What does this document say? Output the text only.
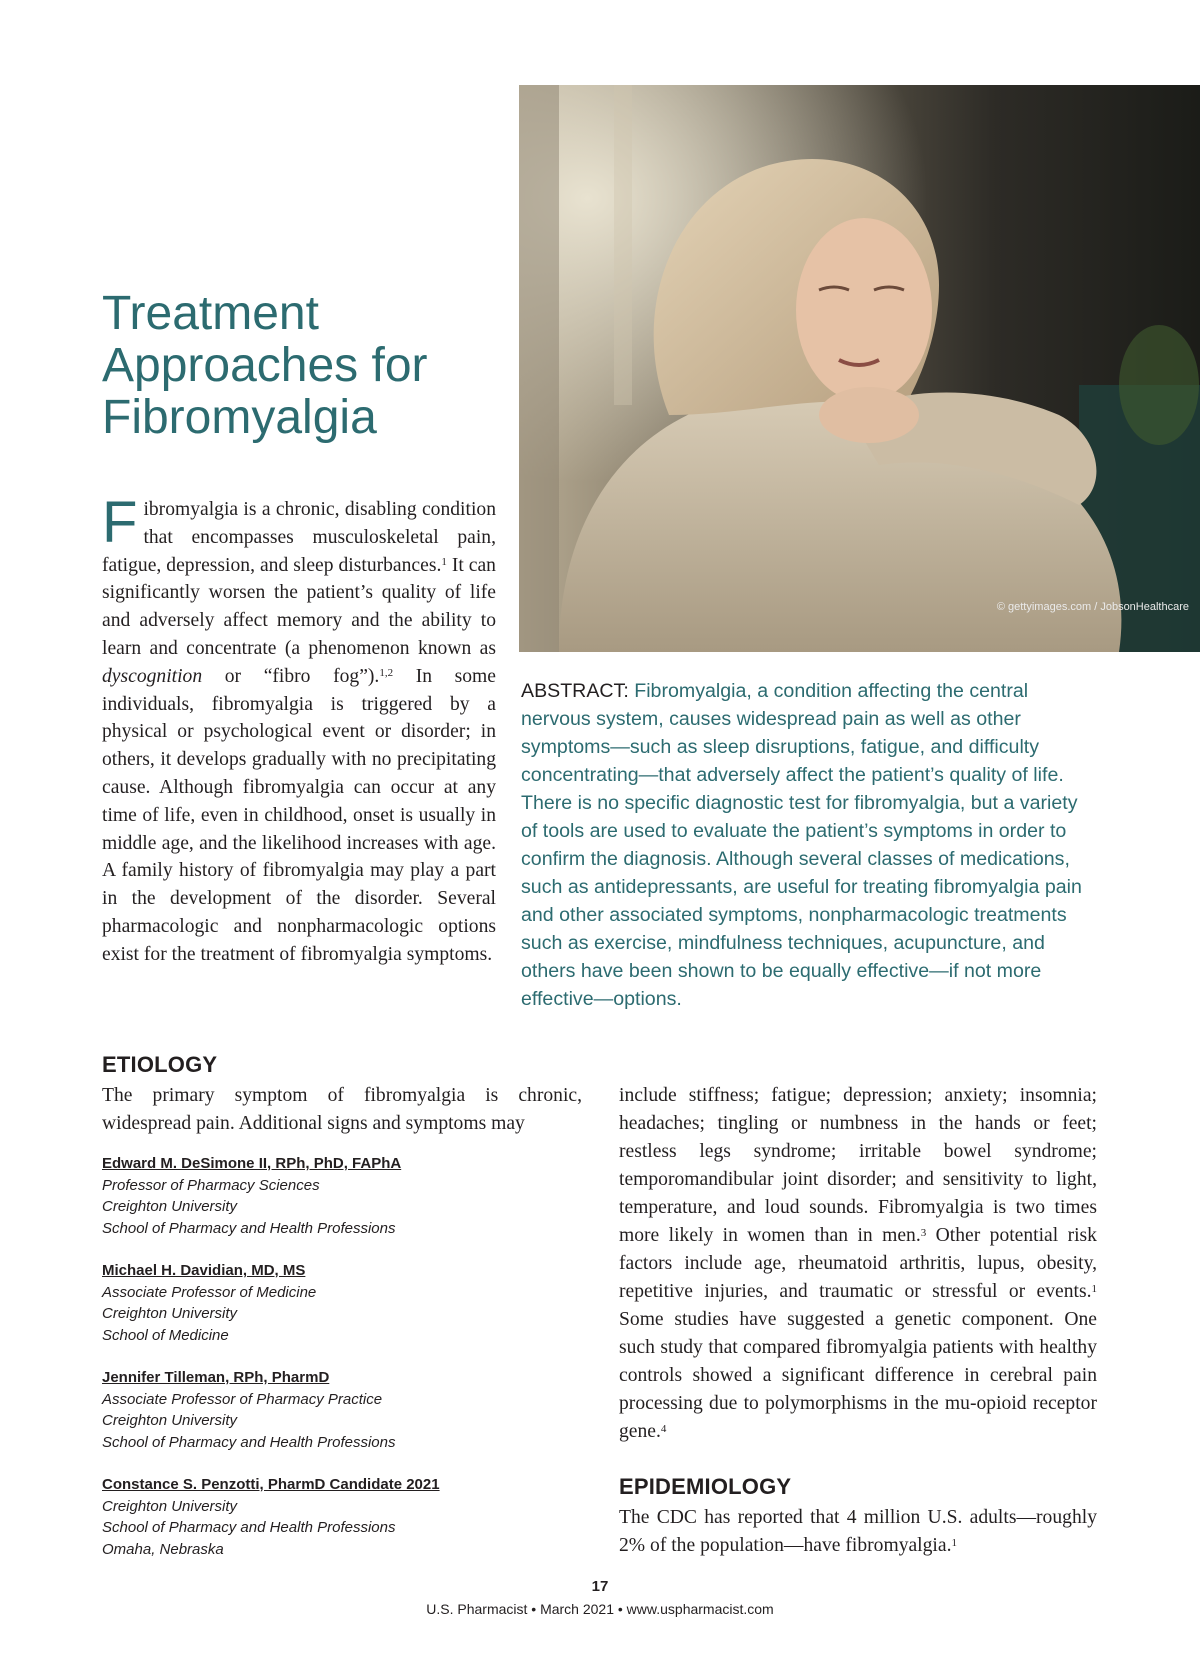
Treatment
Approaches for
Fibromyalgia
© gettyimages.com / JobsonHealthcare
Fibromyalgia is a chronic, disabling condition that encompasses musculoskeletal pain, fatigue, depression, and sleep disturbances.$^1$ It can significantly worsen the patient’s quality of life and adversely affect memory and the ability to learn and concentrate (a phenomenon known as dyscognition or “fibro fog”).$^{1,2}$ In some individuals, fibromyalgia is triggered by a physical or psychological event or disorder; in others, it develops gradually with no precipitating cause. Although fibromyalgia can occur at any time of life, even in childhood, onset is usually in middle age, and the likelihood increases with age. A family history of fibromyalgia may play a part in the development of the disorder. Several pharmacologic and nonpharmacologic options exist for the treatment of fibromyalgia symptoms.
ABSTRACT: Fibromyalgia, a condition affecting the central nervous system, causes widespread pain as well as other symptoms—such as sleep disruptions, fatigue, and difficulty concentrating—that adversely affect the patient’s quality of life. There is no specific diagnostic test for fibromyalgia, but a variety of tools are used to evaluate the patient’s symptoms in order to confirm the diagnosis. Although several classes of medications, such as antidepressants, are useful for treating fibromyalgia pain and other associated symptoms, nonpharmacologic treatments such as exercise, mindfulness techniques, acupuncture, and others have been shown to be equally effective—if not more effective—options.
ETIOLOGY
The primary symptom of fibromyalgia is chronic, widespread pain. Additional signs and symptoms may
include stiffness; fatigue; depression; anxiety; insomnia; headaches; tingling or numbness in the hands or feet; restless legs syndrome; irritable bowel syndrome; temporomandibular joint disorder; and sensitivity to light, temperature, and loud sounds. Fibromyalgia is two times more likely in women than in men.$^3$ Other potential risk factors include age, rheumatoid arthritis, lupus, obesity, repetitive injuries, and traumatic or stressful or events.$^1$ Some studies have suggested a genetic component. One such study that compared fibromyalgia patients with healthy controls showed a significant difference in cerebral pain processing due to polymorphisms in the mu-opioid receptor gene.$^4$
Edward M. DeSimone II, RPh, PhD, FAPhA
Professor of Pharmacy Sciences
Creighton University
School of Pharmacy and Health Professions
Michael H. Davidian, MD, MS
Associate Professor of Medicine
Creighton University
School of Medicine
Jennifer Tilleman, RPh, PharmD
Associate Professor of Pharmacy Practice
Creighton University
School of Pharmacy and Health Professions
Constance S. Penzotti, PharmD Candidate 2021
Creighton University
School of Pharmacy and Health Professions
Omaha, Nebraska
EPIDEMIOLOGY
The CDC has reported that 4 million U.S. adults—roughly 2% of the population—have fibromyalgia.$^1$
17
U.S. Pharmacist • March 2021 • www.uspharmacist.com
